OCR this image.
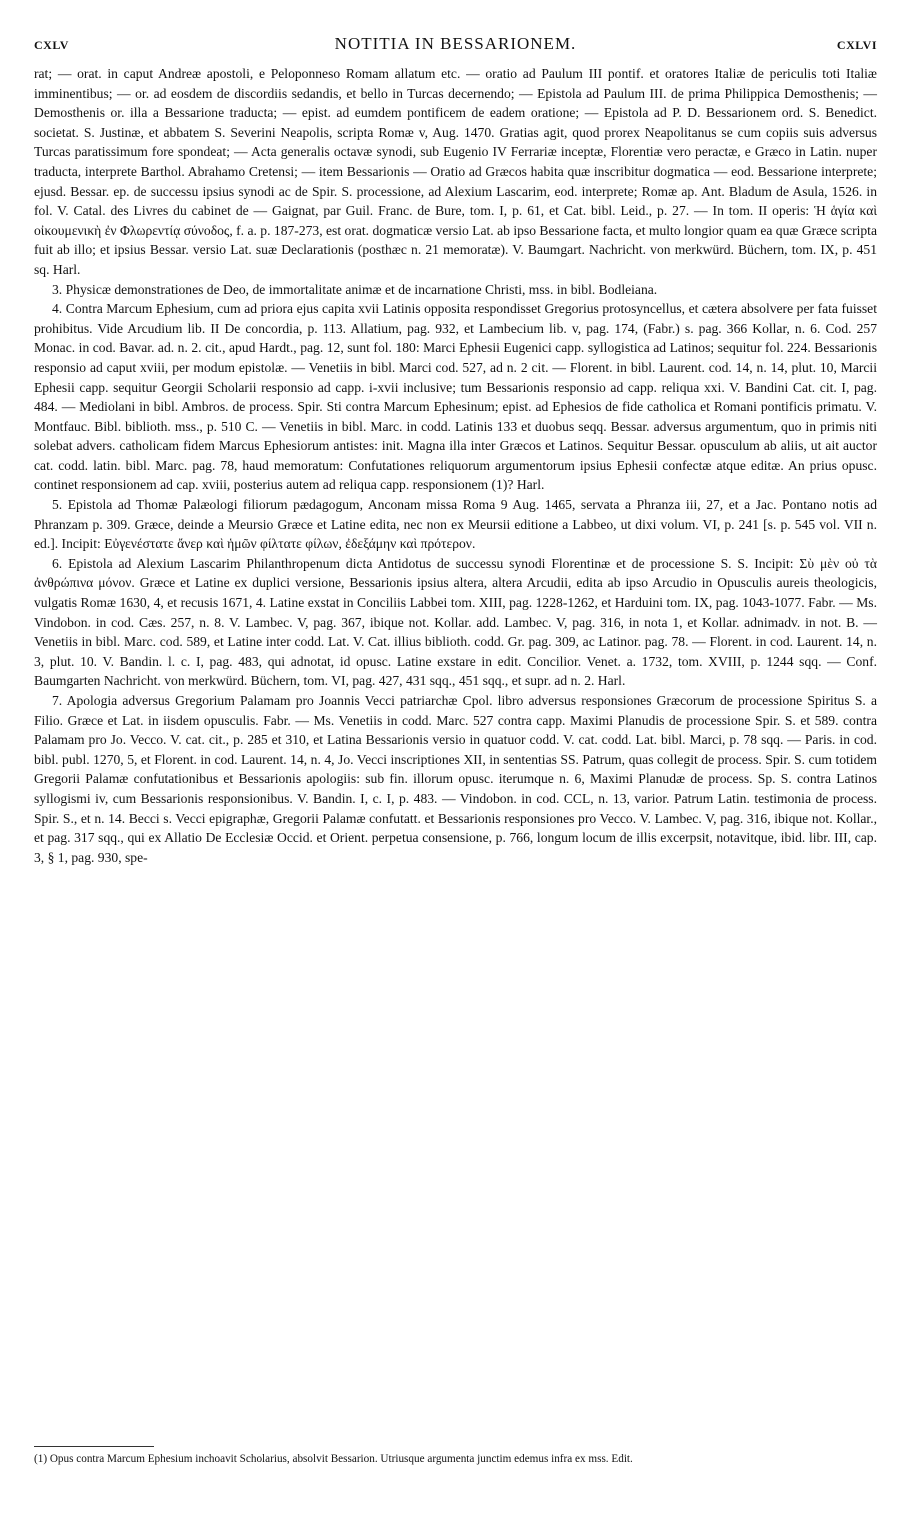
CXLV	NOTITIA IN BESSARIONEM.	CXLVI

rat; — orat. in caput Andreæ apostoli, e Peloponneso Romam allatum etc. — oratio ad Paulum III pontif. et oratores Italiæ de periculis toti Italiæ imminentibus; — or. ad eosdem de discordiis sedandis, et bello in Turcas decernendo; — Epistola ad Paulum III. de prima Philippica Demosthenis; — Demosthenis or. illa a Bessarione traducta; — epist. ad eumdem pontificem de eadem oratione; — Epistola ad P. D. Bessarionem ord. S. Benedict. societat. S. Justinæ, et abbatem S. Severini Neapolis, scripta Romæ v, Aug. 1470. Gratias agit, quod prorex Neapolitanus se cum copiis suis adversus Turcas paratissimum fore spondeat; — Acta generalis octavæ synodi, sub Eugenio IV Ferrariæ inceptæ, Florentiæ vero peractæ, e Græco in Latin. nuper traducta, interprete Barthol. Abrahamo Cretensi; — item Bessarionis — Oratio ad Græcos habita quæ inscribitur dogmatica — eod. Bessarione interprete; ejusd. Bessar. ep. de successu ipsius synodi ac de Spir. S. processione, ad Alexium Lascarim, eod. interprete; Romæ ap. Ant. Bladum de Asula, 1526. in fol. V. Catal. des Livres du cabinet de — Gaignat, par Guil. Franc. de Bure, tom. I, p. 61, et Cat. bibl. Leid., p. 27. — In tom. II operis: Ἡ ἁγία καὶ οἰκουμενικὴ ἐν Φλωρεντίᾳ σύνοδος, f. a. p. 187-273, est orat. dogmaticæ versio Lat. ab ipso Bessarione facta, et multo longior quam ea quæ Græce scripta fuit ab illo; et ipsius Bessar. versio Lat. suæ Declarationis (posthæc n. 21 memoratæ). V. Baumgart. Nachricht. von merkwürd. Büchern, tom. IX, p. 451 sq. Harl.

3. Physicæ demonstrationes de Deo, de immortalitate animæ et de incarnatione Christi, mss. in bibl. Bodleiana.

4. Contra Marcum Ephesium, cum ad priora ejus capita xvii Latinis opposita respondisset Gregorius protosyncellus, et cætera absolvere per fata fuisset prohibitus. Vide Arcudium lib. II De concordia, p. 113. Allatium, pag. 932, et Lambecium lib. v, pag. 174, (Fabr.) s. pag. 366 Kollar, n. 6. Cod. 257 Monac. in cod. Bavar. ad. n. 2. cit., apud Hardt., pag. 12, sunt fol. 180: Marci Ephesii Eugenici capp. syllogistica ad Latinos; sequitur fol. 224. Bessarionis responsio ad caput xviii, per modum epistolæ. — Venetiis in bibl. Marci cod. 527, ad n. 2 cit. — Florent. in bibl. Laurent. cod. 14, n. 14, plut. 10, Marcii Ephesii capp. sequitur Georgii Scholarii responsio ad capp. i-xvii inclusive; tum Bessarionis responsio ad capp. reliqua xxi. V. Bandini Cat. cit. I, pag. 484. — Mediolani in bibl. Ambros. de process. Spir. Sti contra Marcum Ephesinum; epist. ad Ephesios de fide catholica et Romani pontificis primatu. V. Montfauc. Bibl. biblioth. mss., p. 510 C. — Venetiis in bibl. Marc. in codd. Latinis 133 et duobus seqq. Bessar. adversus argumentum, quo in primis niti solebat advers. catholicam fidem Marcus Ephesiorum antistes: init. Magna illa inter Græcos et Latinos. Sequitur Bessar. opusculum ab aliis, ut ait auctor cat. codd. latin. bibl. Marc. pag. 78, haud memoratum: Confutationes reliquorum argumentorum ipsius Ephesii confectæ atque editæ. An prius opusc. continet responsionem ad cap. xviii, posterius autem ad reliqua capp. responsionem (1)? Harl.

5. Epistola ad Thomæ Palæologi filiorum pædagogum, Anconam missa Roma 9 Aug. 1465, servata a Phranza iii, 27, et a Jac. Pontano notis ad Phranzam p. 309. Græce, deinde a Meursio Græce et Latine edita, nec non ex Meursii editione a Labbeo, ut dixi volum. VI, p. 241 [s. p. 545 vol. VII n. ed.]. Incipit: Εὐγενέστατε ἄνερ καὶ ἡμῶν φίλτατε φίλων, ἐδεξάμην καὶ πρότερον.

6. Epistola ad Alexium Lascarim Philanthropenum dicta Antidotus de successu synodi Florentinæ et de processione S. S. Incipit: Σὺ μὲν οὐ τὰ ἀνθρώπινα μόνον. Græce et Latine ex duplici versione, Bessarionis ipsius altera, altera Arcudii, edita ab ipso Arcudio in Opusculis aureis theologicis, vulgatis Romæ 1630, 4, et recusis 1671, 4. Latine exstat in Conciliis Labbei tom. XIII, pag. 1228-1262, et Harduini tom. IX, pag. 1043-1077. Fabr. — Ms. Vindobon. in cod. Cæs. 257, n. 8. V. Lambec. V, pag. 367, ibique not. Kollar. add. Lambec. V, pag. 316, in nota 1, et Kollar. adnimadv. in not. B. — Venetiis in bibl. Marc. cod. 589, et Latine inter codd. Lat. V. Cat. illius biblioth. codd. Gr. pag. 309, ac Latinor. pag. 78. — Florent. in cod. Laurent. 14, n. 3, plut. 10. V. Bandin. l. c. I, pag. 483, qui adnotat, id opusc. Latine exstare in edit. Concilior. Venet. a. 1732, tom. XVIII, p. 1244 sqq. — Conf. Baumgarten Nachricht. von merkwürd. Büchern, tom. VI, pag. 427, 431 sqq., 451 sqq., et supr. ad n. 2. Harl.

7. Apologia adversus Gregorium Palamam pro Joannis Vecci patriarchæ Cpol. libro adversus responsiones Græcorum de processione Spiritus S. a Filio. Græce et Lat. in iisdem opusculis. Fabr. — Ms. Venetiis in codd. Marc. 527 contra capp. Maximi Planudis de processione Spir. S. et 589. contra Palamam pro Jo. Vecco. V. cat. cit., p. 285 et 310, et Latina Bessarionis versio in quatuor codd. V. cat. codd. Lat. bibl. Marci, p. 78 sqq. — Paris. in cod. bibl. publ. 1270, 5, et Florent. in cod. Laurent. 14, n. 4, Jo. Vecci inscriptiones XII, in sententias SS. Patrum, quas collegit de process. Spir. S. cum totidem Gregorii Palamæ confutationibus et Bessarionis apologiis: sub fin. illorum opusc. iterumque n. 6, Maximi Planudæ de process. Sp. S. contra Latinos syllogismi iv, cum Bessarionis responsionibus. V. Bandin. I, c. I, p. 483. — Vindobon. in cod. CCL, n. 13, varior. Patrum Latin. testimonia de process. Spir. S., et n. 14. Becci s. Vecci epigraphæ, Gregorii Palamæ confutatt. et Bessarionis responsiones pro Vecco. V. Lambec. V, pag. 316, ibique not. Kollar., et pag. 317 sqq., qui ex Allatio De Ecclesiæ Occid. et Orient. perpetua consensione, p. 766, longum locum de illis excerpsit, notavitque, ibid. libr. III, cap. 3, § 1, pag. 930, spe-

(1) Opus contra Marcum Ephesium inchoavit Scholarius, absolvit Bessarion. Utriusque argumenta junctim edemus infra ex mss. Edit.
